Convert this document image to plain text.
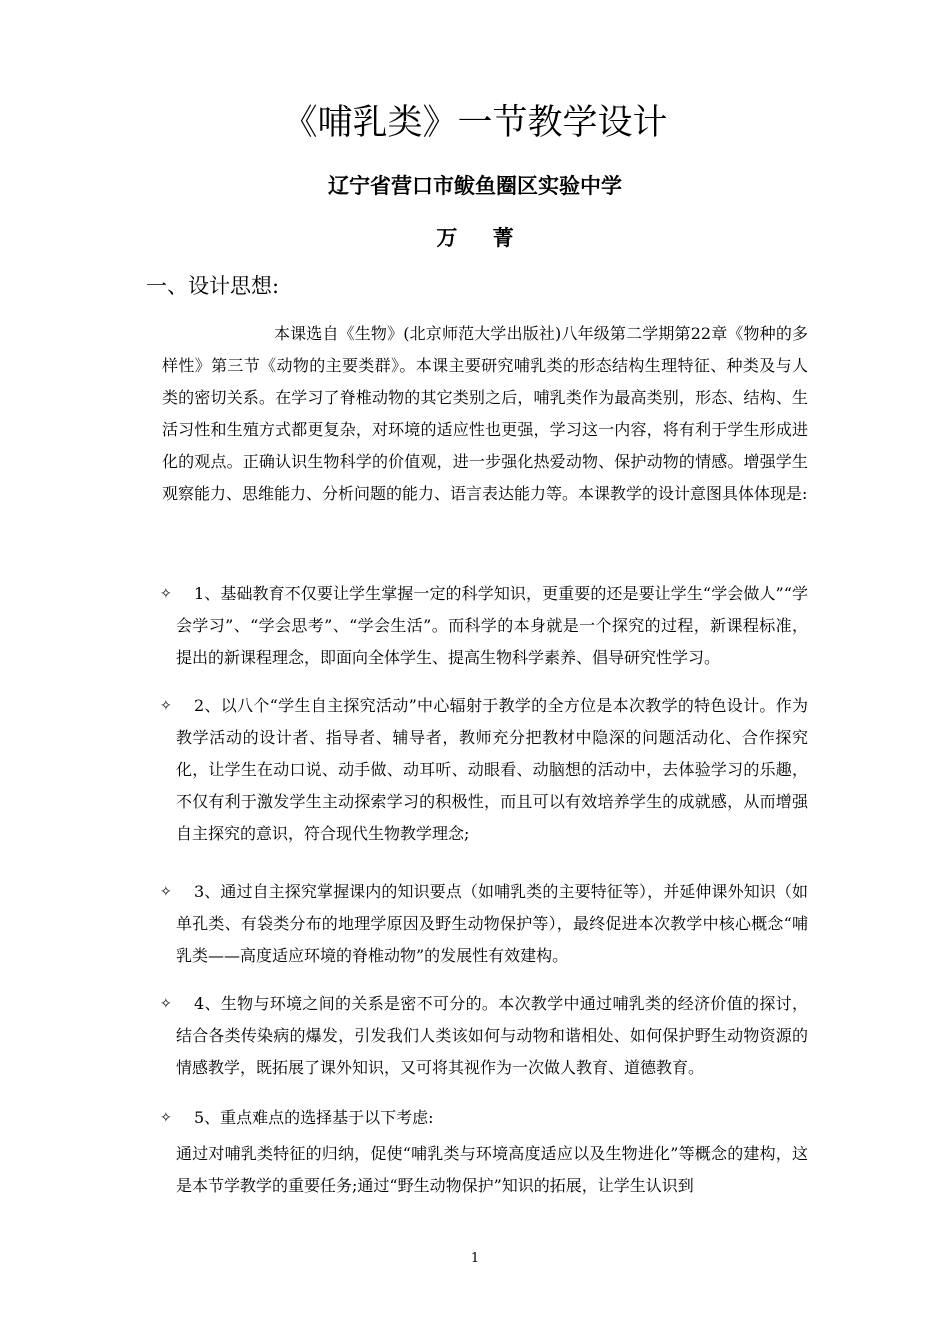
《哺乳类》一节教学设计
辽宁省营口市鲅鱼圈区实验中学
万 菁
一、设计思想:
本课选自《生物》(北京师范大学出版社)八年级第二学期第22章《物种的多样性》第三节《动物的主要类群》。本课主要研究哺乳类的形态结构生理特征、种类及与人类的密切关系。在学习了脊椎动物的其它类别之后，哺乳类作为最高类别，形态、结构、生活习性和生殖方式都更复杂，对环境的适应性也更强，学习这一内容，将有利于学生形成进化的观点。正确认识生物科学的价值观，进一步强化热爱动物、保护动物的情感。增强学生观察能力、思维能力、分析问题的能力、语言表达能力等。本课教学的设计意图具体体现是:
✧	1、基础教育不仅要让学生掌握一定的科学知识，更重要的还是要让学生“学会做人”“学会学习”、“学会思考”、“学会生活”。而科学的本身就是一个探究的过程，新课程标准，提出的新课程理念，即面向全体学生、提高生物科学素养、倡导研究性学习。
✧	2、以八个“学生自主探究活动”中心辐射于教学的全方位是本次教学的特色设计。作为教学活动的设计者、指导者、辅导者，教师充分把教材中隐深的问题活动化、合作探究化，让学生在动口说、动手做、动耳听、动眼看、动脑想的活动中，去体验学习的乐趣，不仅有利于激发学生主动探索学习的积极性，而且可以有效培养学生的成就感，从而增强自主探究的意识，符合现代生物教学理念;
✧	3、通过自主探究掌握课内的知识要点（如哺乳类的主要特征等），并延伸课外知识（如单孔类、有袋类分布的地理学原因及野生动物保护等），最终促进本次教学中核心概念“哺乳类——高度适应环境的脊椎动物”的发展性有效建构。
✧	4、生物与环境之间的关系是密不可分的。本次教学中通过哺乳类的经济价值的探讨，结合各类传染病的爆发，引发我们人类该如何与动物和谐相处、如何保护野生动物资源的情感教学，既拓展了课外知识，又可将其视作为一次做人教育、道德教育。
✧	5、重点难点的选择基于以下考虑:
通过对哺乳类特征的归纳，促使“哺乳类与环境高度适应以及生物进化”等概念的建构，这是本节学教学的重要任务;通过“野生动物保护”知识的拓展，让学生认识到
1
